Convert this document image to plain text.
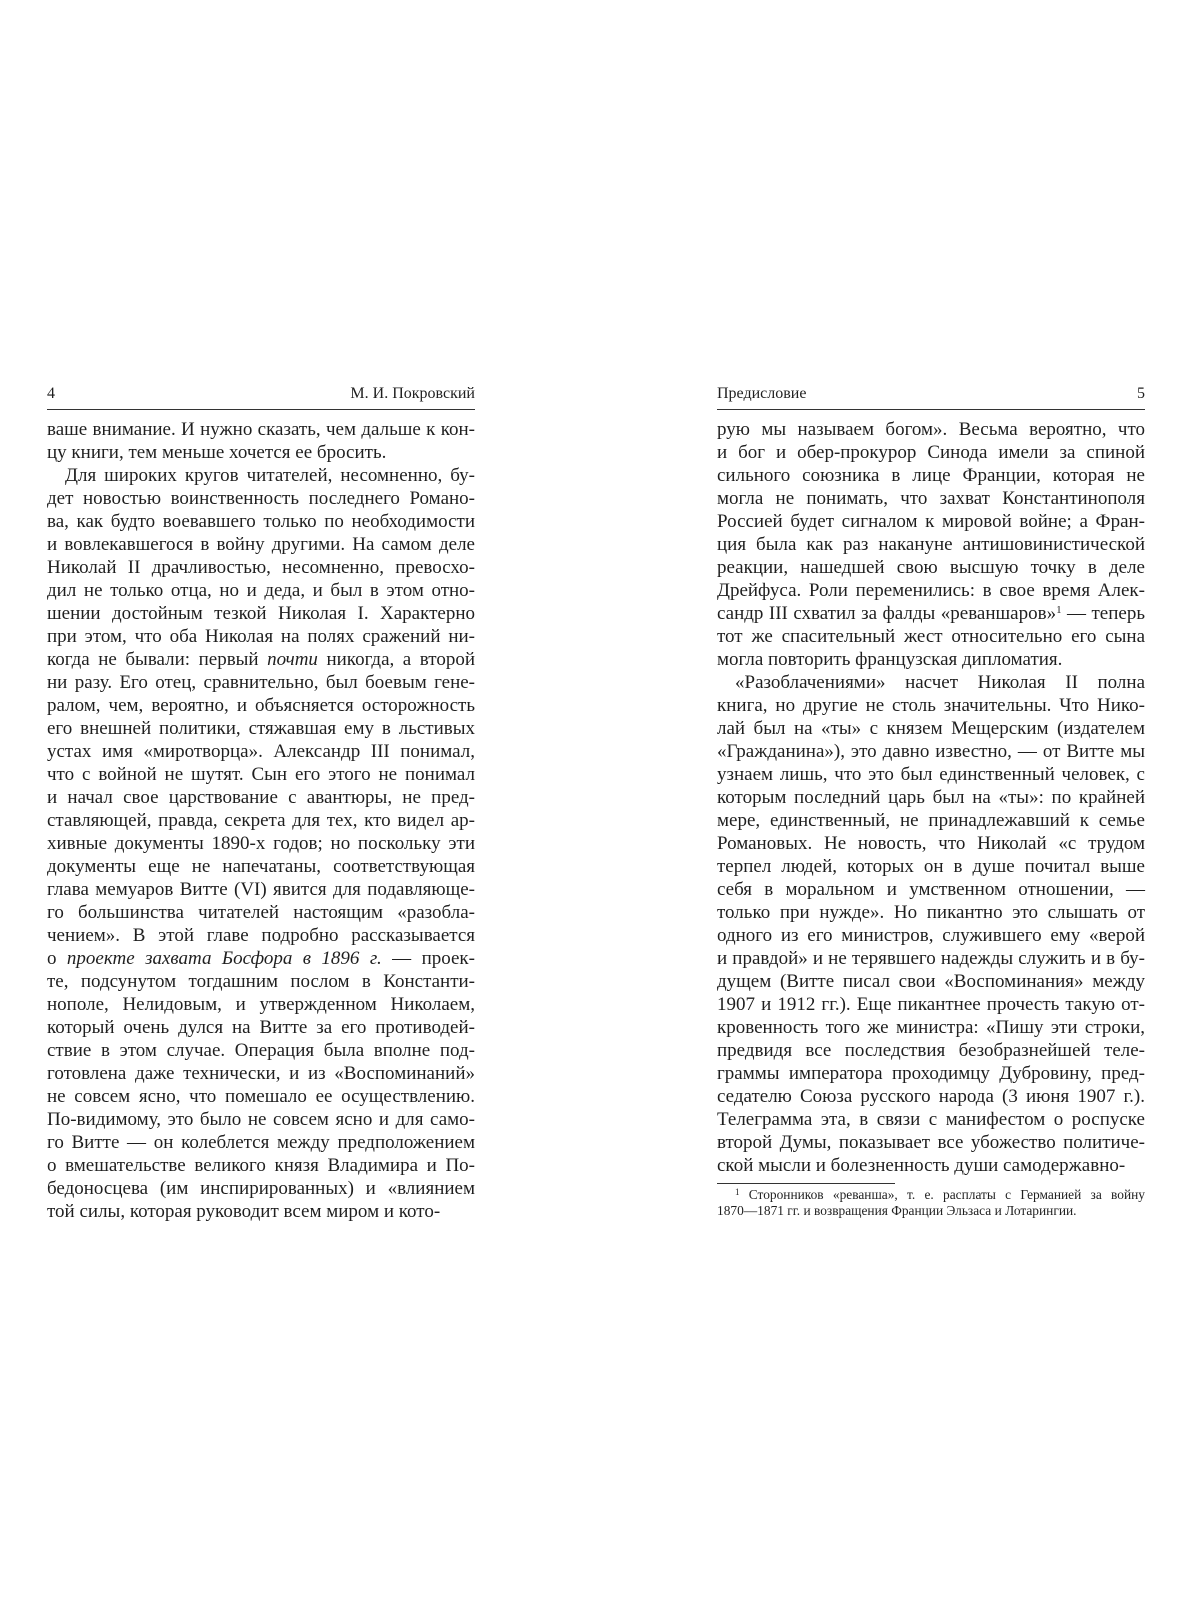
4	М. И. Покровский
ваше внимание. И нужно сказать, чем дальше к кон-
цу книги, тем меньше хочется ее бросить.
Для широких кругов читателей, несомненно, бу-
дет новостью воинственность последнего Романо-
ва, как будто воевавшего только по необходимости
и вовлекавшегося в войну другими. На самом деле
Николай II драчливостью, несомненно, превосхо-
дил не только отца, но и деда, и был в этом отно-
шении достойным тезкой Николая I. Характерно
при этом, что оба Николая на полях сражений ни-
когда не бывали: первый почти никогда, а второй
ни разу. Его отец, сравнительно, был боевым гене-
ралом, чем, вероятно, и объясняется осторожность
его внешней политики, стяжавшая ему в льстивых
устах имя «миротворца». Александр III понимал,
что с войной не шутят. Сын его этого не понимал
и начал свое царствование с авантюры, не пред-
ставляющей, правда, секрета для тех, кто видел ар-
хивные документы 1890-х годов; но поскольку эти
документы еще не напечатаны, соответствующая
глава мемуаров Витте (VI) явится для подавляюще-
го большинства читателей настоящим «разобла-
чением». В этой главе подробно рассказывается
о проекте захвата Босфора в 1896 г. — проек-
те, подсунутом тогдашним послом в Константи-
нополе, Нелидовым, и утвержденном Николаем,
который очень дулся на Витте за его противодей-
ствие в этом случае. Операция была вполне под-
готовлена даже технически, и из «Воспоминаний»
не совсем ясно, что помешало ее осуществлению.
По-видимому, это было не совсем ясно и для само-
го Витте — он колеблется между предположением
о вмешательстве великого князя Владимира и По-
бедоносцева (им инспирированных) и «влиянием
той силы, которая руководит всем миром и кото-
Предисловие	5
рую мы называем богом». Весьма вероятно, что
и бог и обер-прокурор Синода имели за спиной
сильного союзника в лице Франции, которая не
могла не понимать, что захват Константинополя
Россией будет сигналом к мировой войне; а Фран-
ция была как раз накануне антишовинистической
реакции, нашедшей свою высшую точку в деле
Дрейфуса. Роли переменились: в свое время Алек-
сандр III схватил за фалды «реваншаров»$^1$ — теперь
тот же спасительный жест относительно его сына
могла повторить французская дипломатия.
«Разоблачениями» насчет Николая II полна
книга, но другие не столь значительны. Что Нико-
лай был на «ты» с князем Мещерским (издателем
«Гражданина»), это давно известно, — от Витте мы
узнаем лишь, что это был единственный человек, с
которым последний царь был на «ты»: по крайней
мере, единственный, не принадлежавший к семье
Романовых. Не новость, что Николай «с трудом
терпел людей, которых он в душе почитал выше
себя в моральном и умственном отношении, —
только при нужде». Но пикантно это слышать от
одного из его министров, служившего ему «верой
и правдой» и не терявшего надежды служить и в бу-
дущем (Витте писал свои «Воспоминания» между
1907 и 1912 гг.). Еще пикантнее прочесть такую от-
кровенность того же министра: «Пишу эти строки,
предвидя все последствия безобразнейшей теле-
граммы императора проходимцу Дубровину, пред-
седателю Союза русского народа (3 июня 1907 г.).
Телеграмма эта, в связи с манифестом о роспуске
второй Думы, показывает все убожество политиче-
ской мысли и болезненность души самодержавно-
$^1$ Сторонников «реванша», т. е. расплаты с Германией за войну
1870—1871 гг. и возвращения Франции Эльзаса и Лотарингии.
